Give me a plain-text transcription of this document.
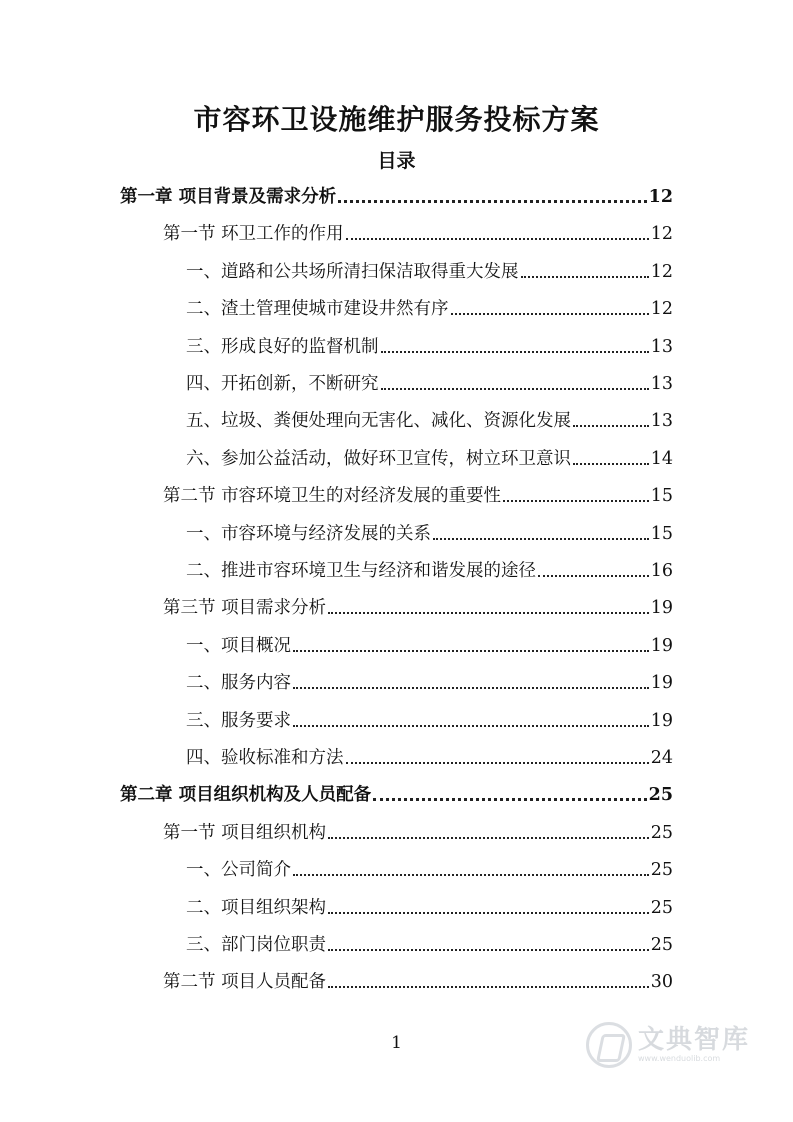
市容环卫设施维护服务投标方案
目录
第一章 项目背景及需求分析	12
第一节 环卫工作的作用	12
一、道路和公共场所清扫保洁取得重大发展	12
二、渣土管理使城市建设井然有序	12
三、形成良好的监督机制	13
四、开拓创新，不断研究	13
五、垃圾、粪便处理向无害化、减化、资源化发展	13
六、参加公益活动，做好环卫宣传，树立环卫意识	14
第二节 市容环境卫生的对经济发展的重要性	15
一、市容环境与经济发展的关系	15
二、推进市容环境卫生与经济和谐发展的途径	16
第三节 项目需求分析	19
一、项目概况	19
二、服务内容	19
三、服务要求	19
四、验收标准和方法	24
第二章 项目组织机构及人员配备	25
第一节 项目组织机构	25
一、公司简介	25
二、项目组织架构	25
三、部门岗位职责	25
第二节 项目人员配备	30
1	文典智库
www.wenduolib.com
